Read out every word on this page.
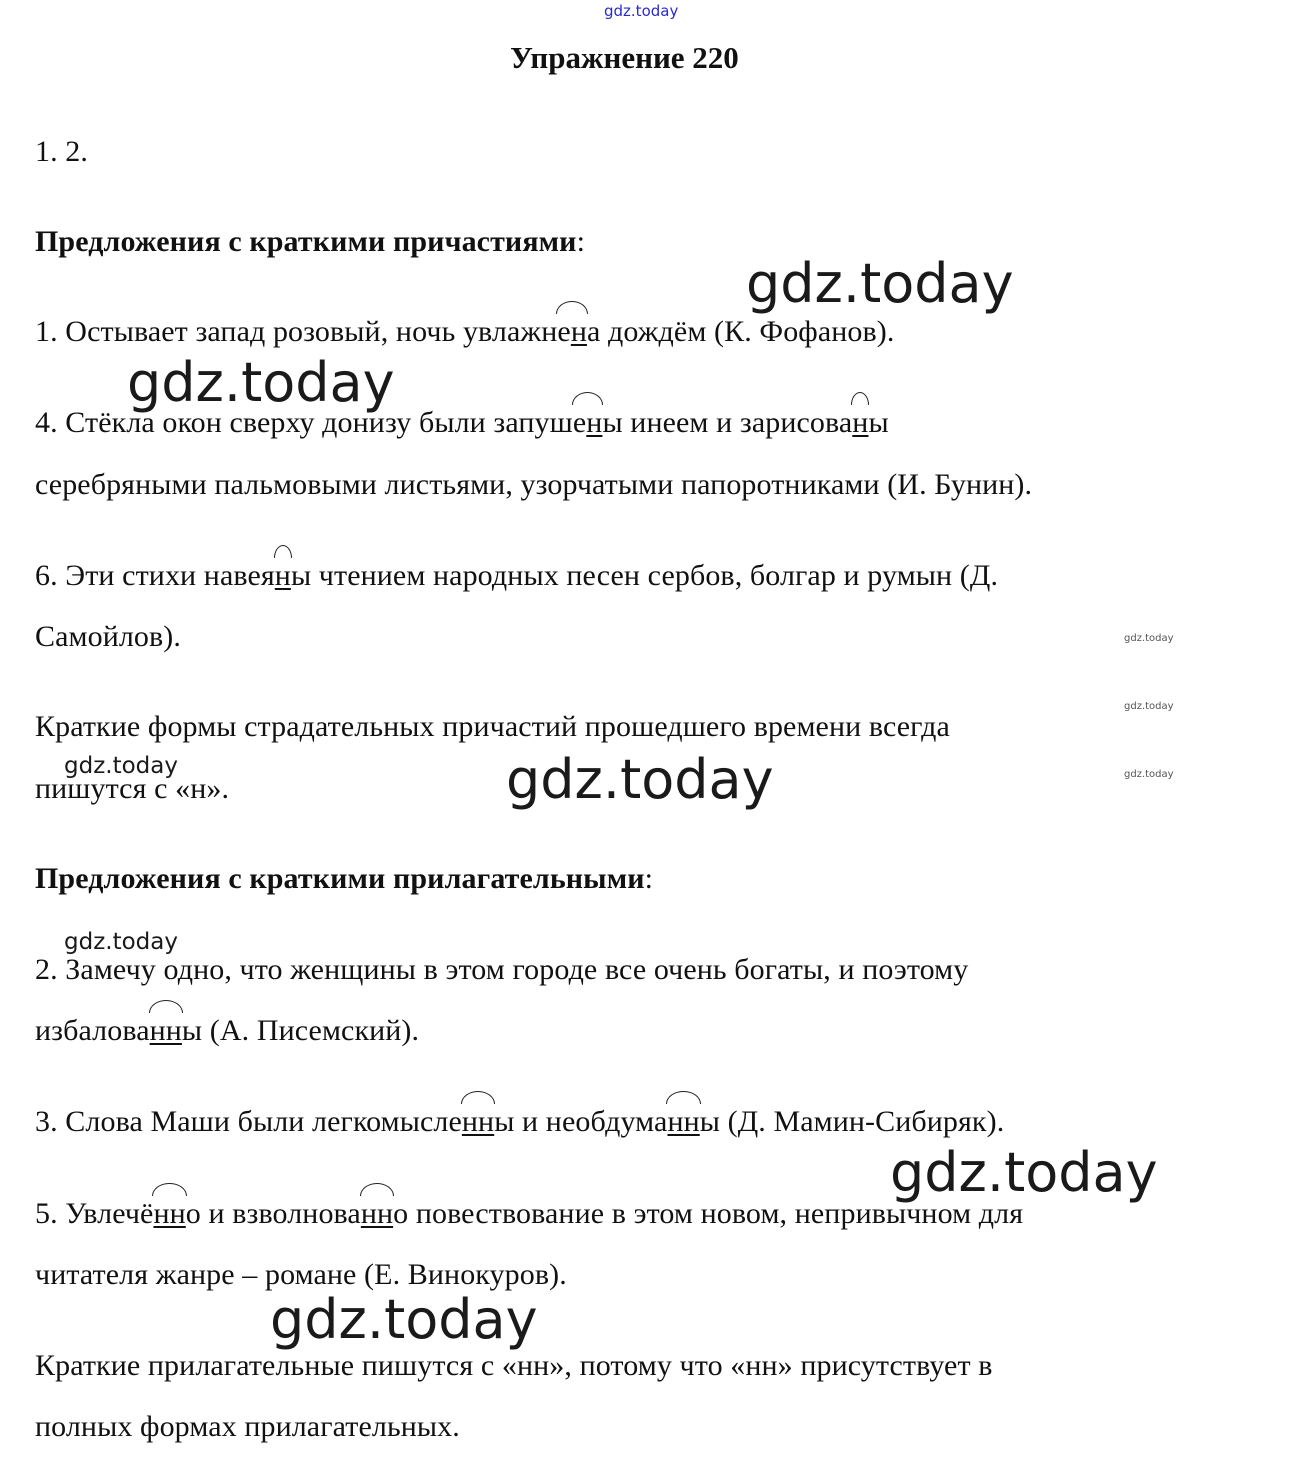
gdz.today
Упражнение 220
1. 2.
Предложения с краткими причастиями:
1. Остывает запад розовый, ночь увлажнена дождём (К. Фофанов).
4. Стёкла окон сверху донизу были запушены инеем и зарисованы
серебряными пальмовыми листьями, узорчатыми папоротниками (И. Бунин).
6. Эти стихи навеяны чтением народных песен сербов, болгар и румын (Д.
Самойлов).
Краткие формы страдательных причастий прошедшего времени всегда
пишутся с «н».
Предложения с краткими прилагательными:
2. Замечу одно, что женщины в этом городе все очень богаты, и поэтому
избалованны (А. Писемский).
3. Слова Маши были легкомысленны и необдуманны (Д. Мамин-Сибиряк).
5. Увлечённо и взволнованно повествование в этом новом, непривычном для
читателя жанре – романе (Е. Винокуров).
Краткие прилагательные пишутся с «нн», потому что «нн» присутствует в
полных формах прилагательных.
gdz.today
gdz.today
gdz.today
gdz.today
gdz.today
gdz.today
gdz.today
gdz.today
gdz.today
gdz.today
